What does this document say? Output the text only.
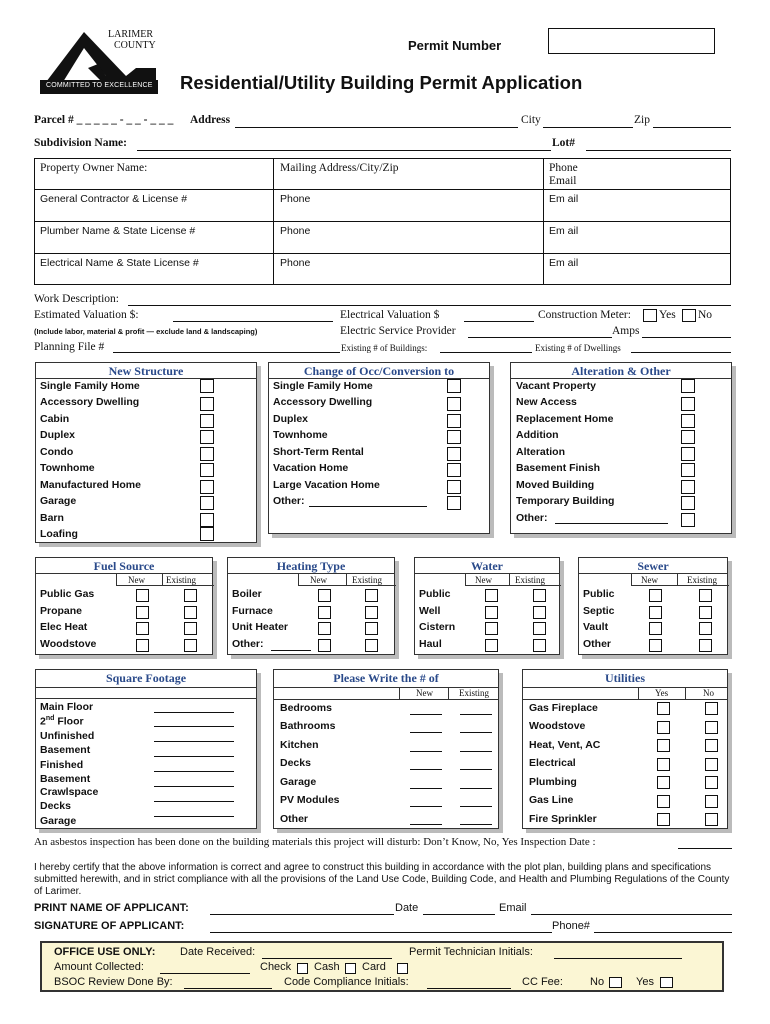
LARIMER
COUNTY
COMMITTED TO EXCELLENCE
Permit Number
Residential/Utility Building Permit Application
Parcel # _ _ _ _ _ - _ _ - _ _ _ Address	City	Zip
Subdivision Name:	Lot#
Property Owner Name:	Mailing Address/City/Zip	Phone
Email
General Contractor & License #	Phone	Em ail
Plumber Name & State License #	Phone	Em ail
Electrical Name & State License #	Phone	Em ail
Work Description:
Estimated Valuation $:	Electrical Valuation $	Construction Meter: Yes No
(Include labor, material & profit — exclude land & landscaping)	Electric Service Provider	Amps
Planning File #	Existing # of Buildings:	Existing # of Dwellings
New Structure
Single Family Home
Accessory Dwelling
Cabin
Duplex
Condo
Townhome
Manufactured Home
Garage
Barn
Loafing
Change of Occ/Conversion to
Single Family Home
Accessory Dwelling
Duplex
Townhome
Short-Term Rental
Vacation Home
Large Vacation Home
Other:
Alteration & Other
Vacant Property
New Access
Replacement Home
Addition
Alteration
Basement Finish
Moved Building
Temporary Building
Other:
Fuel Source
New Existing
Public Gas
Propane
Elec Heat
Woodstove
Heating Type
New	Existing
Boiler
Furnace
Unit Heater
Other:
Water
New	Existing
Public
Well
Cistern
Haul
Sewer
New	Existing
Public
Septic
Vault
Other
Square Footage
Main Floor
2nd Floor
Unfinished Basement
Finished Basement
Crawlspace
Decks
Garage
Please Write the # of
New	Existing
Bedrooms
Bathrooms
Kitchen
Decks
Garage
PV Modules
Other
Utilities
Yes	No
Gas Fireplace
Woodstove
Heat, Vent, AC
Electrical
Plumbing
Gas Line
Fire Sprinkler
An asbestos inspection has been done on the building materials this project will disturb: Don’t Know, No, Yes Inspection Date :
I hereby certify that the above information is correct and agree to construct this building in accordance with the plot plan, building plans and specifications submitted herewith, and in strict compliance with all the provisions of the Land Use Code, Building Code, and Health and Plumbing Regulations of the County of Larimer.
PRINT NAME OF APPLICANT:	Date	Email
SIGNATURE OF APPLICANT:	Phone#
OFFICE USE ONLY: Date Received:	Permit Technician Initials:
Amount Collected:	Check Cash Card
BSOC Review Done By:	Code Compliance Initials:	CC Fee: No	Yes
